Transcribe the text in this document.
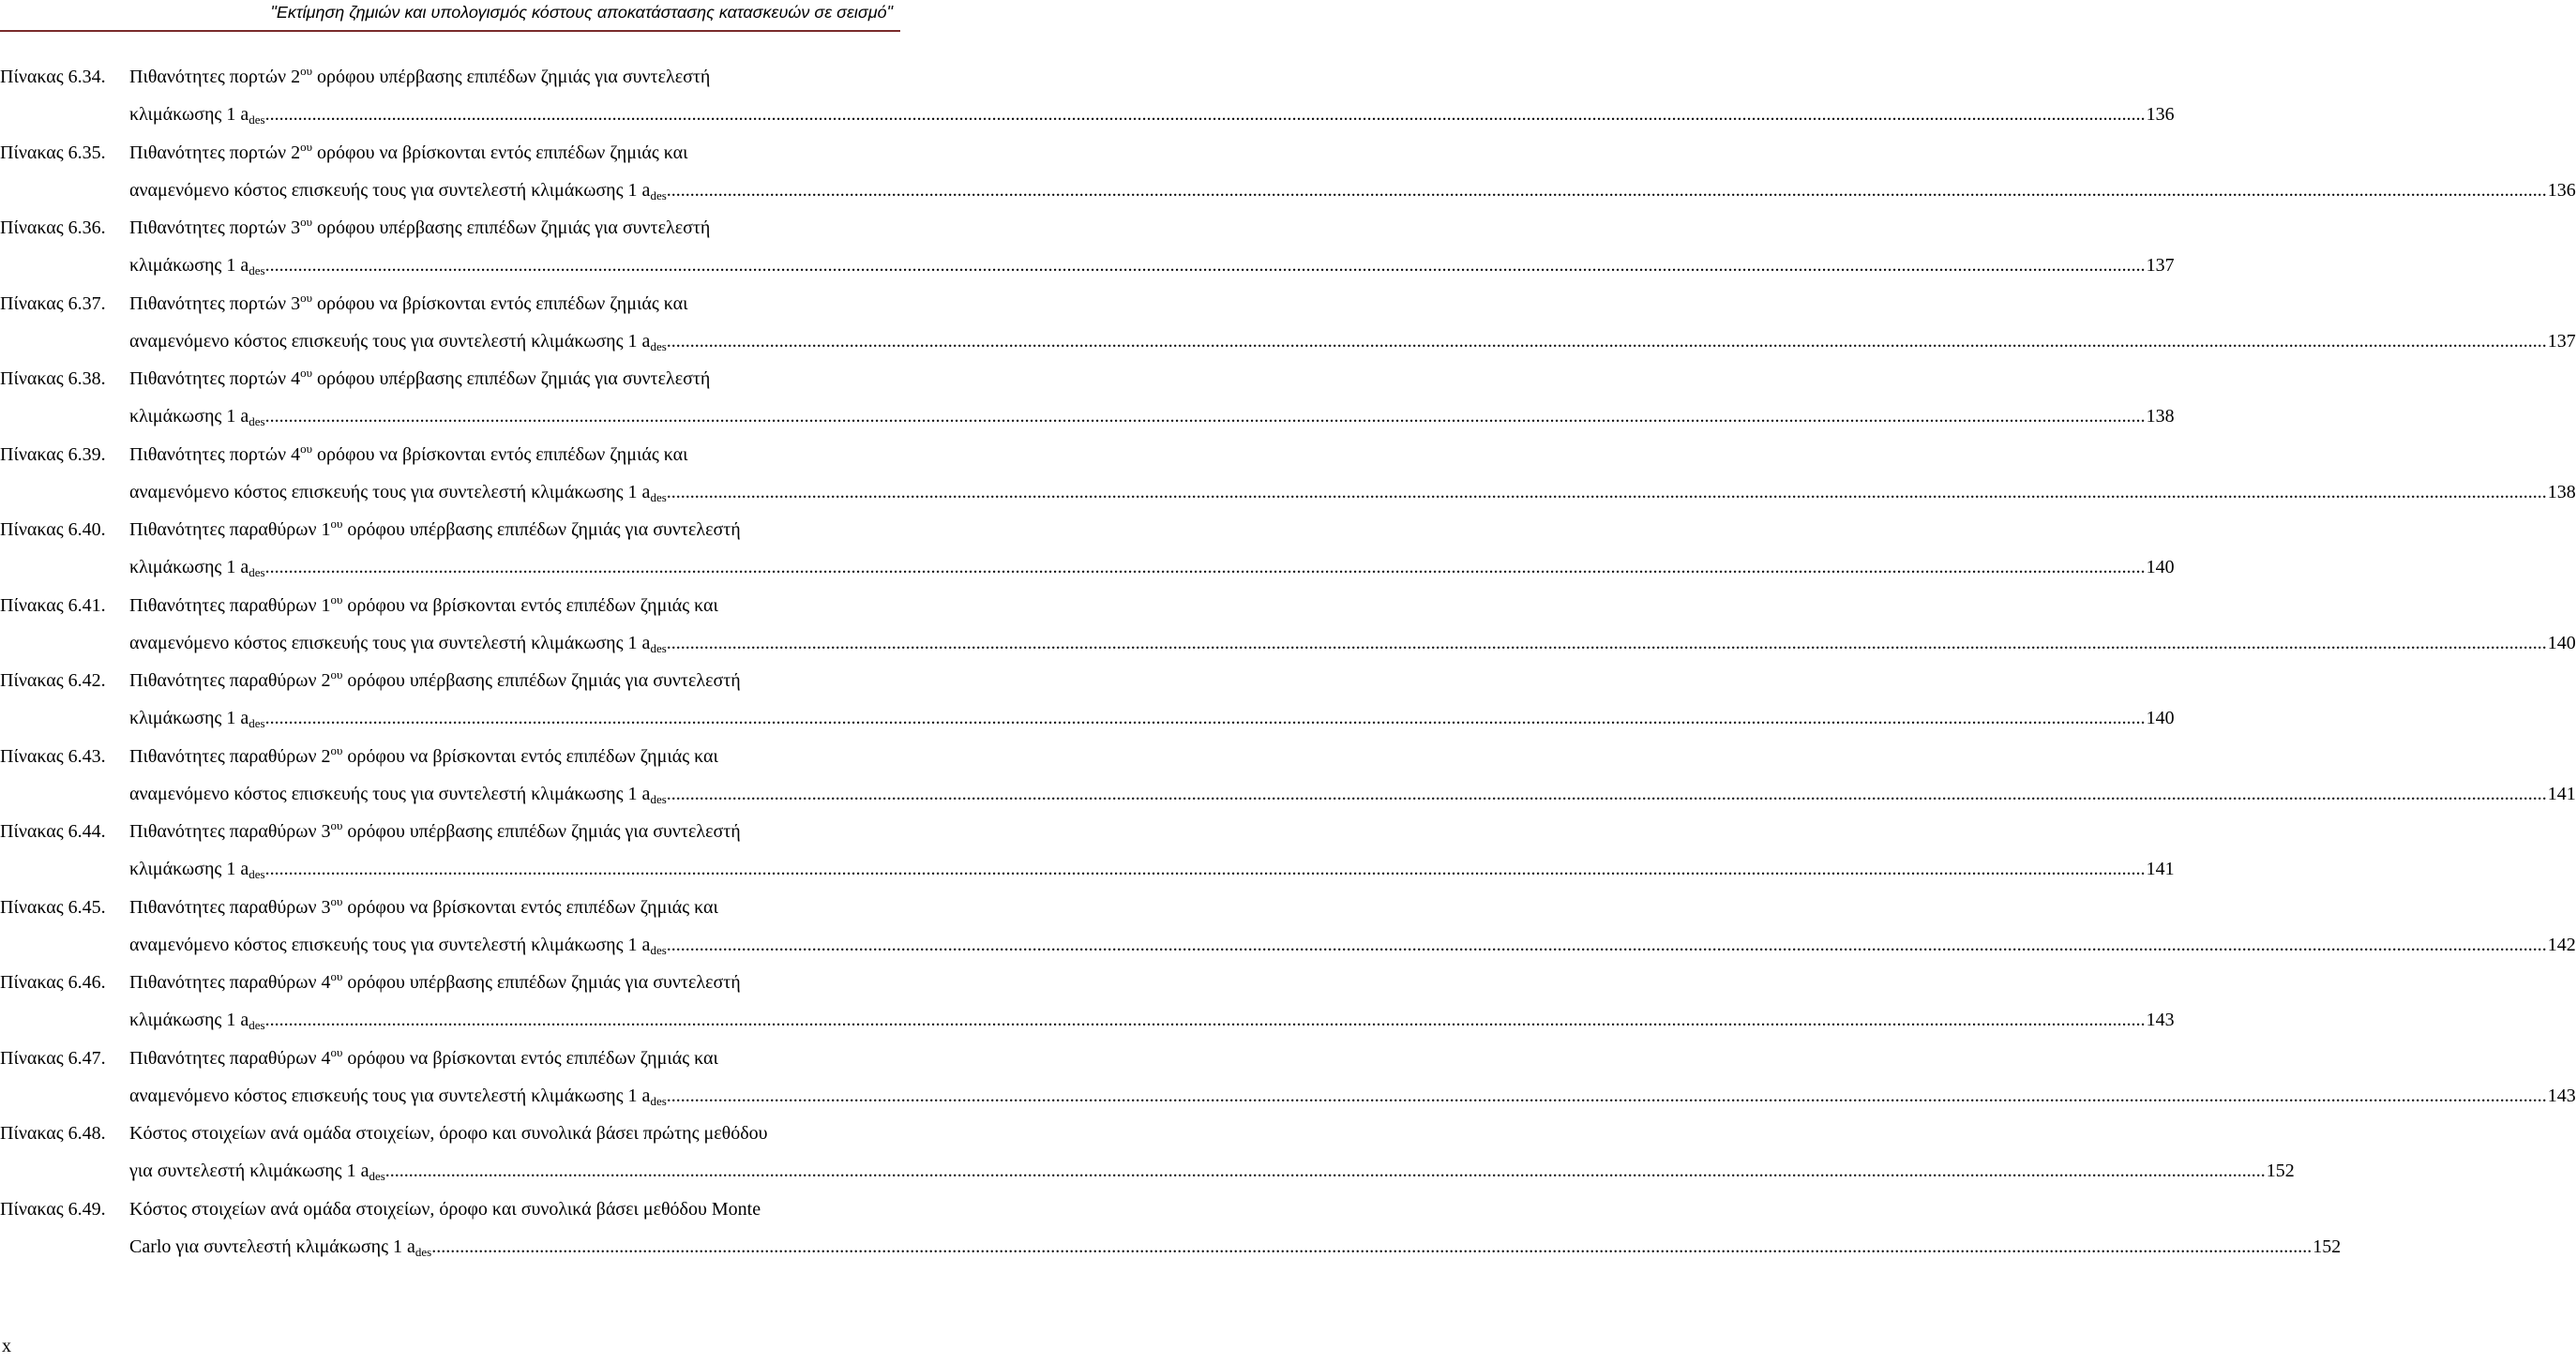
"Εκτίμηση ζημιών και υπολογισμός κόστους αποκατάστασης κατασκευών σε σεισμό"
Πίνακας 6.34. Πιθανότητες πορτών $2^{o\upsilon}$ ορόφου υπέρβασης επιπέδων ζημιάς για συντελεστή
κλιμάκωσης 1 $a_{des}$. ................................................................................................................................................................................................................................................................................................................................................................................................................ 136
Πίνακας 6.35. Πιθανότητες πορτών $2^{o\upsilon}$ ορόφου να βρίσκονται εντός επιπέδων ζημιάς και
αναμενόμενο κόστος επισκευής τους για συντελεστή κλιμάκωσης 1 $a_{des}$. ................................................................................................................................................................................................................................................................................................................................................................................................................ 136
Πίνακας 6.36. Πιθανότητες πορτών $3^{o\upsilon}$ ορόφου υπέρβασης επιπέδων ζημιάς για συντελεστή
κλιμάκωσης 1 $a_{des}$. ................................................................................................................................................................................................................................................................................................................................................................................................................ 137
Πίνακας 6.37. Πιθανότητες πορτών $3^{o\upsilon}$ ορόφου να βρίσκονται εντός επιπέδων ζημιάς και
αναμενόμενο κόστος επισκευής τους για συντελεστή κλιμάκωσης 1 $a_{des}$. ................................................................................................................................................................................................................................................................................................................................................................................................................ 137
Πίνακας 6.38. Πιθανότητες πορτών $4^{o\upsilon}$ ορόφου υπέρβασης επιπέδων ζημιάς για συντελεστή
κλιμάκωσης 1 $a_{des}$. ................................................................................................................................................................................................................................................................................................................................................................................................................ 138
Πίνακας 6.39. Πιθανότητες πορτών $4^{o\upsilon}$ ορόφου να βρίσκονται εντός επιπέδων ζημιάς και
αναμενόμενο κόστος επισκευής τους για συντελεστή κλιμάκωσης 1 $a_{des}$. ................................................................................................................................................................................................................................................................................................................................................................................................................ 138
Πίνακας 6.40. Πιθανότητες παραθύρων $1^{o\upsilon}$ ορόφου υπέρβασης επιπέδων ζημιάς για συντελεστή
κλιμάκωσης 1 $a_{des}$. ................................................................................................................................................................................................................................................................................................................................................................................................................ 140
Πίνακας 6.41. Πιθανότητες παραθύρων $1^{o\upsilon}$ ορόφου να βρίσκονται εντός επιπέδων ζημιάς και
αναμενόμενο κόστος επισκευής τους για συντελεστή κλιμάκωσης 1 $a_{des}$. ................................................................................................................................................................................................................................................................................................................................................................................................................ 140
Πίνακας 6.42. Πιθανότητες παραθύρων $2^{o\upsilon}$ ορόφου υπέρβασης επιπέδων ζημιάς για συντελεστή
κλιμάκωσης 1 $a_{des}$. ................................................................................................................................................................................................................................................................................................................................................................................................................ 140
Πίνακας 6.43. Πιθανότητες παραθύρων $2^{o\upsilon}$ ορόφου να βρίσκονται εντός επιπέδων ζημιάς και
αναμενόμενο κόστος επισκευής τους για συντελεστή κλιμάκωσης 1 $a_{des}$. ................................................................................................................................................................................................................................................................................................................................................................................................................ 141
Πίνακας 6.44. Πιθανότητες παραθύρων $3^{o\upsilon}$ ορόφου υπέρβασης επιπέδων ζημιάς για συντελεστή
κλιμάκωσης 1 $a_{des}$. ................................................................................................................................................................................................................................................................................................................................................................................................................ 141
Πίνακας 6.45. Πιθανότητες παραθύρων $3^{o\upsilon}$ ορόφου να βρίσκονται εντός επιπέδων ζημιάς και
αναμενόμενο κόστος επισκευής τους για συντελεστή κλιμάκωσης 1 $a_{des}$. ................................................................................................................................................................................................................................................................................................................................................................................................................ 142
Πίνακας 6.46. Πιθανότητες παραθύρων $4^{o\upsilon}$ ορόφου υπέρβασης επιπέδων ζημιάς για συντελεστή
κλιμάκωσης 1 $a_{des}$. ................................................................................................................................................................................................................................................................................................................................................................................................................ 143
Πίνακας 6.47. Πιθανότητες παραθύρων $4^{o\upsilon}$ ορόφου να βρίσκονται εντός επιπέδων ζημιάς και
αναμενόμενο κόστος επισκευής τους για συντελεστή κλιμάκωσης 1 $a_{des}$. ................................................................................................................................................................................................................................................................................................................................................................................................................ 143
Πίνακας 6.48. Κόστος στοιχείων ανά ομάδα στοιχείων, όροφο και συνολικά βάσει πρώτης μεθόδου
για συντελεστή κλιμάκωσης 1 $a_{des}$. ................................................................................................................................................................................................................................................................................................................................................................................................................ 152
Πίνακας 6.49. Κόστος στοιχείων ανά ομάδα στοιχείων, όροφο και συνολικά βάσει μεθόδου Monte
Carlo για συντελεστή κλιμάκωσης 1 $a_{des}$. ................................................................................................................................................................................................................................................................................................................................................................................................................ 152
x
